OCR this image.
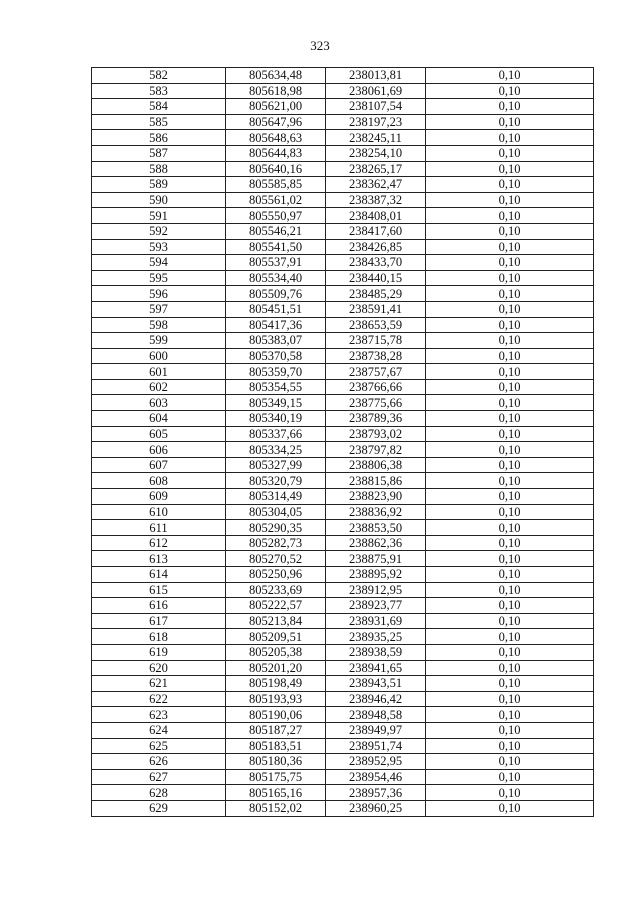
323
582	805634,48	238013,81	0,10
583	805618,98	238061,69	0,10
584	805621,00	238107,54	0,10
585	805647,96	238197,23	0,10
586	805648,63	238245,11	0,10
587	805644,83	238254,10	0,10
588	805640,16	238265,17	0,10
589	805585,85	238362,47	0,10
590	805561,02	238387,32	0,10
591	805550,97	238408,01	0,10
592	805546,21	238417,60	0,10
593	805541,50	238426,85	0,10
594	805537,91	238433,70	0,10
595	805534,40	238440,15	0,10
596	805509,76	238485,29	0,10
597	805451,51	238591,41	0,10
598	805417,36	238653,59	0,10
599	805383,07	238715,78	0,10
600	805370,58	238738,28	0,10
601	805359,70	238757,67	0,10
602	805354,55	238766,66	0,10
603	805349,15	238775,66	0,10
604	805340,19	238789,36	0,10
605	805337,66	238793,02	0,10
606	805334,25	238797,82	0,10
607	805327,99	238806,38	0,10
608	805320,79	238815,86	0,10
609	805314,49	238823,90	0,10
610	805304,05	238836,92	0,10
611	805290,35	238853,50	0,10
612	805282,73	238862,36	0,10
613	805270,52	238875,91	0,10
614	805250,96	238895,92	0,10
615	805233,69	238912,95	0,10
616	805222,57	238923,77	0,10
617	805213,84	238931,69	0,10
618	805209,51	238935,25	0,10
619	805205,38	238938,59	0,10
620	805201,20	238941,65	0,10
621	805198,49	238943,51	0,10
622	805193,93	238946,42	0,10
623	805190,06	238948,58	0,10
624	805187,27	238949,97	0,10
625	805183,51	238951,74	0,10
626	805180,36	238952,95	0,10
627	805175,75	238954,46	0,10
628	805165,16	238957,36	0,10
629	805152,02	238960,25	0,10
